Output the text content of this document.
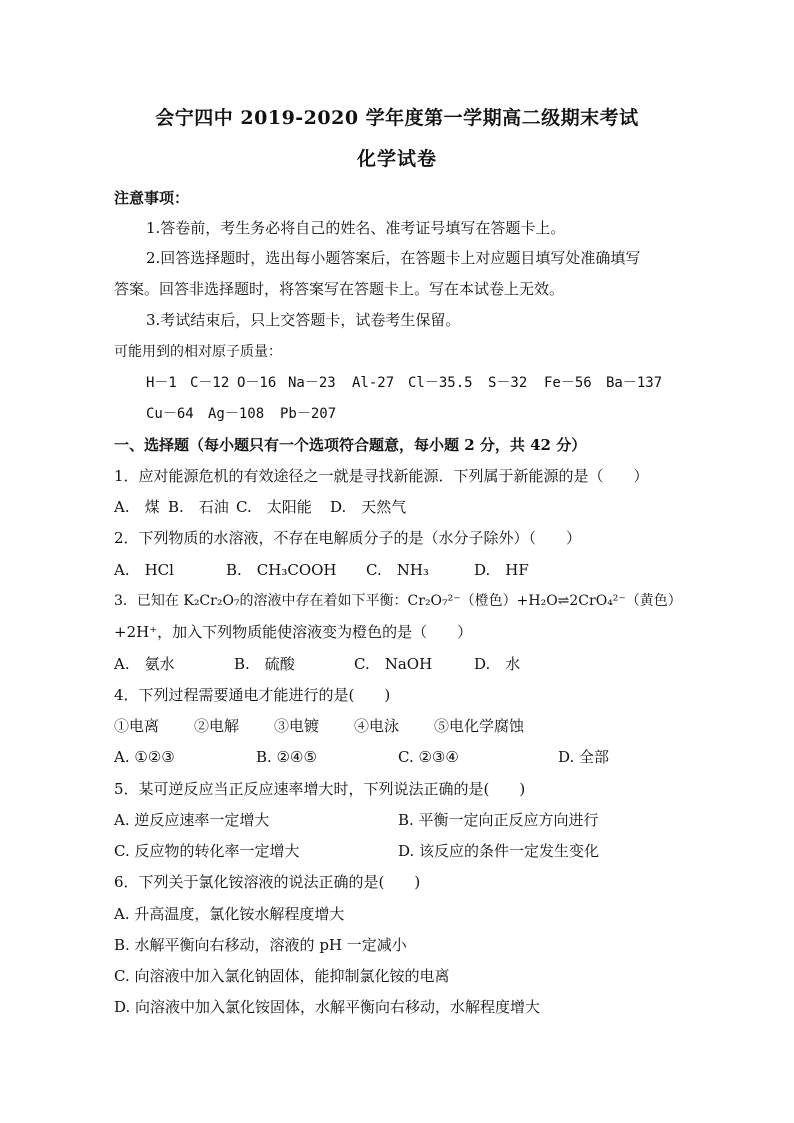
会宁四中 2019-2020 学年度第一学期高二级期末考试
化学试卷
注意事项：
1.答卷前，考生务必将自己的姓名、准考证号填写在答题卡上。
2.回答选择题时，选出每小题答案后，在答题卡上对应题目填写处准确填写
答案。回答非选择题时，将答案写在答题卡上。写在本试卷上无效。
3.考试结束后，只上交答题卡，试卷考生保留。
可能用到的相对原子质量：
H－1 C－12 O－16 Na－23 Al-27 Cl－35.5 S－32 Fe－56 Ba－137
Cu－64 Ag－108 Pb－207
一、选择题（每小题只有一个选项符合题意，每小题 2 分，共 42 分）
1．应对能源危机的有效途径之一就是寻找新能源．下列属于新能源的是（　　）
A.　煤 B.　石油 C.　太阳能 D.　天然气
2．下列物质的水溶液，不存在电解质分子的是（水分子除外）（　　）
A.　HCl	B.　CH₃COOH C.　NH₃	D.　HF
3．已知在 K₂Cr₂O₇的溶液中存在着如下平衡：Cr₂O₇²⁻（橙色）+H₂O⇌2CrO₄²⁻（黄色）
+2H⁺，加入下列物质能使溶液变为橙色的是（　　）
A.　氨水	B.　硫酸	C.　NaOH	D.　水
4．下列过程需要通电才能进行的是(　　)
①电离 ②电解 ③电镀 ④电泳 ⑤电化学腐蚀
A. ①②③	B. ②④⑤	C. ②③④	D. 全部
5．某可逆反应当正反应速率增大时，下列说法正确的是(　　)
A. 逆反应速率一定增大	B. 平衡一定向正反应方向进行
C. 反应物的转化率一定增大	D. 该反应的条件一定发生变化
6．下列关于氯化铵溶液的说法正确的是(　　)
A. 升高温度，氯化铵水解程度增大
B. 水解平衡向右移动，溶液的 pH 一定减小
C. 向溶液中加入氯化钠固体，能抑制氯化铵的电离
D. 向溶液中加入氯化铵固体，水解平衡向右移动，水解程度增大
